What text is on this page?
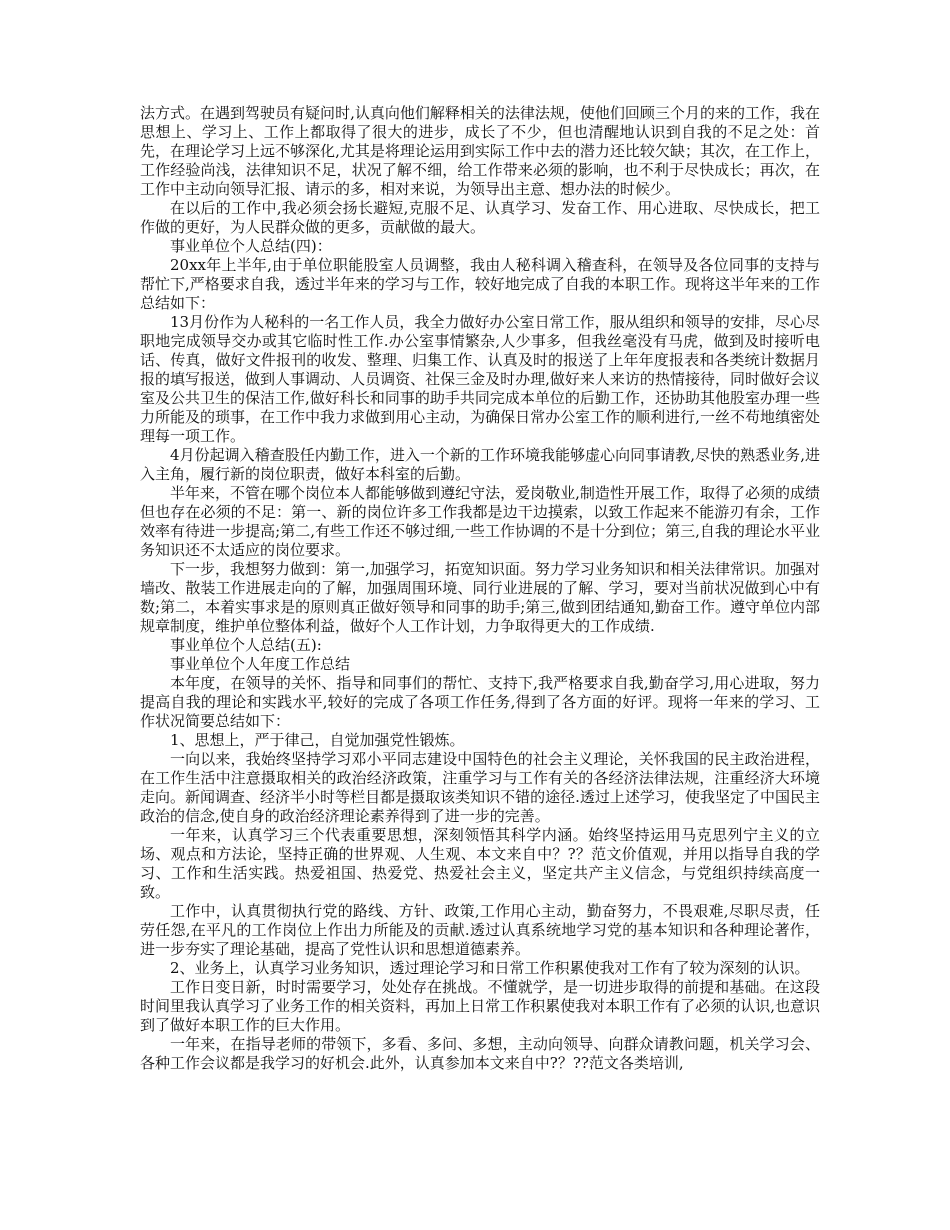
法方式。在遇到驾驶员有疑问时,认真向他们解释相关的法律法规，使他们回顾三个月的来的工作，我在思想上、学习上、工作上都取得了很大的进步，成长了不少，但也清醒地认识到自我的不足之处：首先，在理论学习上远不够深化,尤其是将理论运用到实际工作中去的潜力还比较欠缺；其次，在工作上，工作经验尚浅，法律知识不足，状况了解不细，给工作带来必须的影响，也不利于尽快成长；再次，在工作中主动向领导汇报、请示的多，相对来说，为领导出主意、想办法的时候少。

在以后的工作中,我必须会扬长避短,克服不足、认真学习、发奋工作、用心进取、尽快成长，把工作做的更好，为人民群众做的更多，贡献做的最大。

事业单位个人总结(四)：

20xx年上半年,由于单位职能股室人员调整，我由人秘科调入稽查科，在领导及各位同事的支持与帮忙下,严格要求自我，透过半年来的学习与工作，较好地完成了自我的本职工作。现将这半年来的工作总结如下：

13月份作为人秘科的一名工作人员，我全力做好办公室日常工作，服从组织和领导的安排，尽心尽职地完成领导交办或其它临时性工作.办公室事情繁杂,人少事多，但我丝毫没有马虎，做到及时接听电话、传真，做好文件报刊的收发、整理、归集工作、认真及时的报送了上年年度报表和各类统计数据月报的填写报送，做到人事调动、人员调资、社保三金及时办理,做好来人来访的热情接待，同时做好会议室及公共卫生的保洁工作,做好科长和同事的助手共同完成本单位的后勤工作，还协助其他股室办理一些力所能及的琐事，在工作中我力求做到用心主动，为确保日常办公室工作的顺利进行,一丝不苟地缜密处理每一项工作。

4月份起调入稽查股任内勤工作，进入一个新的工作环境我能够虚心向同事请教,尽快的熟悉业务,进入主角，履行新的岗位职责，做好本科室的后勤。

半年来，不管在哪个岗位本人都能够做到遵纪守法，爱岗敬业,制造性开展工作，取得了必须的成绩但也存在必须的不足：第一、新的岗位许多工作我都是边干边摸索，以致工作起来不能游刃有余，工作效率有待进一步提高;第二,有些工作还不够过细,一些工作协调的不是十分到位；第三,自我的理论水平业务知识还不太适应的岗位要求。

下一步，我想努力做到：第一,加强学习，拓宽知识面。努力学习业务知识和相关法律常识。加强对墙改、散装工作进展走向的了解，加强周围环境、同行业进展的了解、学习，要对当前状况做到心中有数;第二，本着实事求是的原则真正做好领导和同事的助手;第三,做到团结通知,勤奋工作。遵守单位内部规章制度，维护单位整体利益，做好个人工作计划，力争取得更大的工作成绩.

事业单位个人总结(五):

事业单位个人年度工作总结

本年度，在领导的关怀、指导和同事们的帮忙、支持下,我严格要求自我,勤奋学习,用心进取，努力提高自我的理论和实践水平,较好的完成了各项工作任务,得到了各方面的好评。现将一年来的学习、工作状况简要总结如下：

1、思想上，严于律己，自觉加强党性锻炼。

一向以来，我始终坚持学习邓小平同志建设中国特色的社会主义理论，关怀我国的民主政治进程，在工作生活中注意摄取相关的政治经济政策，注重学习与工作有关的各经济法律法规，注重经济大环境走向。新闻调查、经济半小时等栏目都是摄取该类知识不错的途径.透过上述学习，使我坚定了中国民主政治的信念,使自身的政治经济理论素养得到了进一步的完善。

一年来，认真学习三个代表重要思想，深刻领悟其科学内涵。始终坚持运用马克思列宁主义的立场、观点和方法论，坚持正确的世界观、人生观、本文来自中？?？范文价值观，并用以指导自我的学习、工作和生活实践。热爱祖国、热爱党、热爱社会主义，坚定共产主义信念，与党组织持续高度一致。

工作中，认真贯彻执行党的路线、方针、政策,工作用心主动，勤奋努力，不畏艰难,尽职尽责，任劳任怨,在平凡的工作岗位上作出力所能及的贡献.透过认真系统地学习党的基本知识和各种理论著作，进一步夯实了理论基础，提高了党性认识和思想道德素养。

2、业务上，认真学习业务知识，透过理论学习和日常工作积累使我对工作有了较为深刻的认识。

工作日变日新，时时需要学习，处处存在挑战。不懂就学，是一切进步取得的前提和基础。在这段时间里我认真学习了业务工作的相关资料，再加上日常工作积累使我对本职工作有了必须的认识,也意识到了做好本职工作的巨大作用。

一年来，在指导老师的带领下，多看、多问、多想，主动向领导、向群众请教问题，机关学习会、各种工作会议都是我学习的好机会.此外，认真参加本文来自中?？??范文各类培训,
